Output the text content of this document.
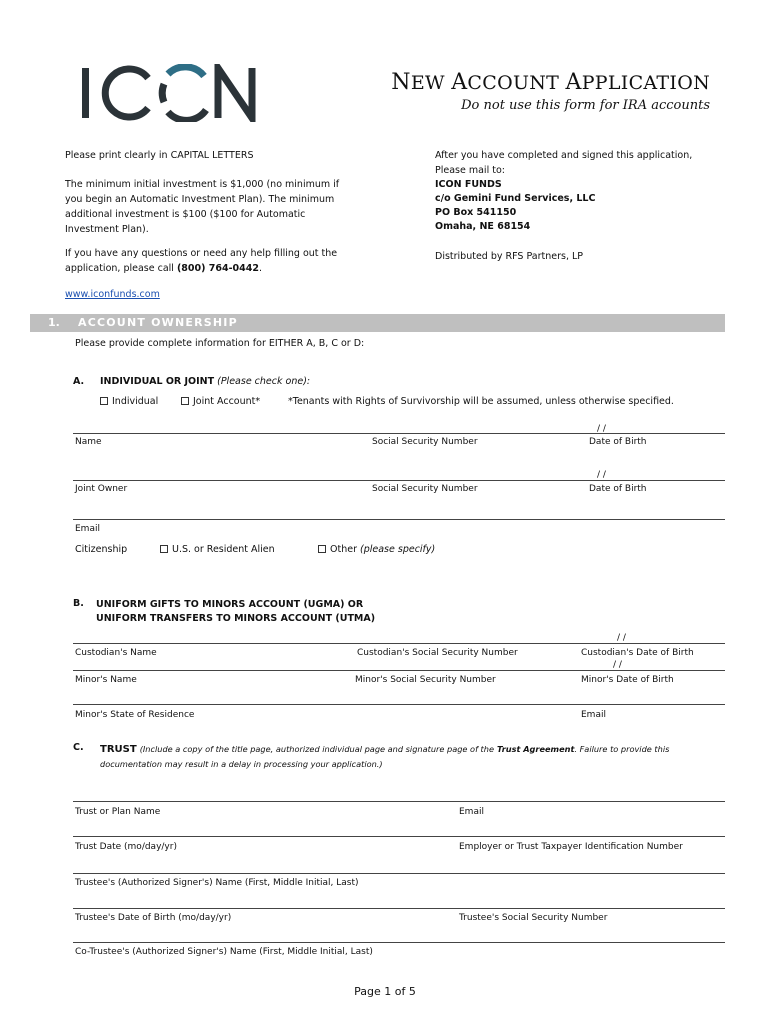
NEW ACCOUNT APPLICATION
Do not use this form for IRA accounts
Please print clearly in CAPITAL LETTERS
The minimum initial investment is $1,000 (no minimum if
you begin an Automatic Investment Plan). The minimum
additional investment is $100 ($100 for Automatic
Investment Plan).
If you have any questions or need any help filling out the
application, please call (800) 764-0442.
www.iconfunds.com
After you have completed and signed this application,
Please mail to:
ICON FUNDS
c/o Gemini Fund Services, LLC
PO Box 541150
Omaha, NE 68154
Distributed by RFS Partners, LP
1. ACCOUNT OWNERSHIP
Please provide complete information for EITHER A, B, C or D:
A. INDIVIDUAL OR JOINT (Please check one):
Individual	Joint Account*	*Tenants with Rights of Survivorship will be assumed, unless otherwise specified.
/ /
Name	Social Security Number	Date of Birth
/ /
Joint Owner	Social Security Number	Date of Birth
Email
Citizenship	U.S. or Resident Alien	Other (please specify)
B. UNIFORM GIFTS TO MINORS ACCOUNT (UGMA) OR
UNIFORM TRANSFERS TO MINORS ACCOUNT (UTMA)
/ /
Custodian's Name	Custodian's Social Security Number	Custodian's Date of Birth
/ /
Minor's Name	Minor's Social Security Number	Minor's Date of Birth
Minor's State of Residence	Email
C. TRUST (Include a copy of the title page, authorized individual page and signature page of the Trust Agreement. Failure to provide this
documentation may result in a delay in processing your application.)
Trust or Plan Name	Email
Trust Date (mo/day/yr)	Employer or Trust Taxpayer Identification Number
Trustee's (Authorized Signer's) Name (First, Middle Initial, Last)
Trustee's Date of Birth (mo/day/yr)	Trustee's Social Security Number
Co-Trustee's (Authorized Signer's) Name (First, Middle Initial, Last)
Page 1 of 5
